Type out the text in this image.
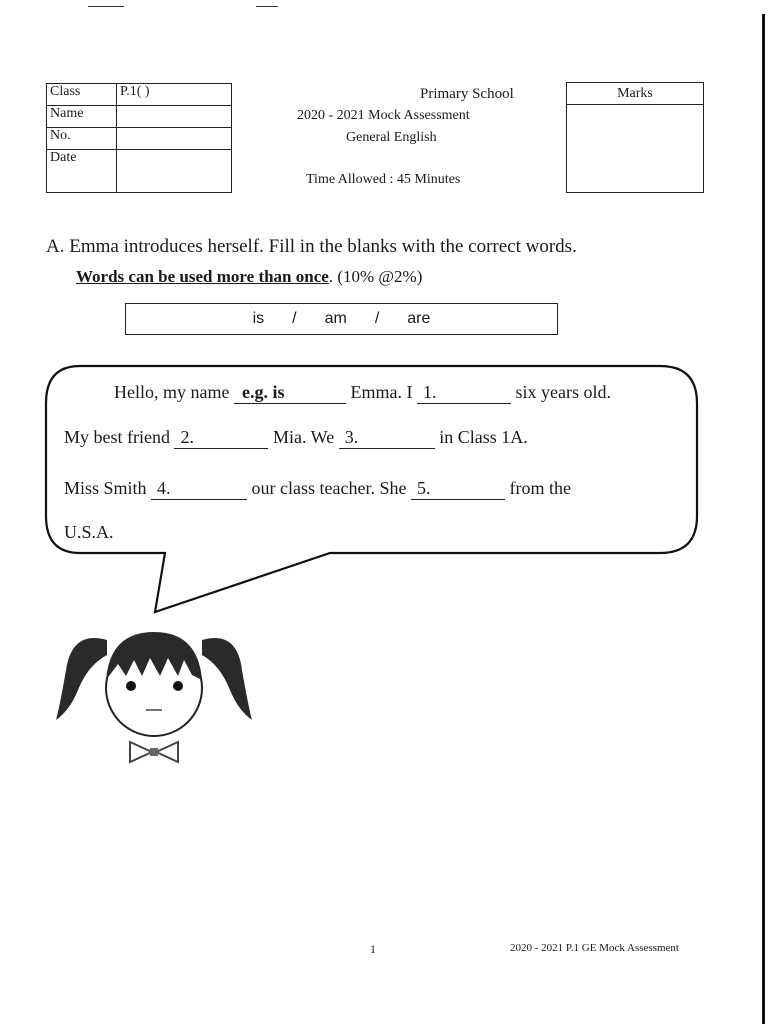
Class	P.1( )
Name	
No.	
Date	
Primary School
2020 - 2021 Mock Assessment
General English
Time Allowed : 45 Minutes
Marks
A. Emma introduces herself. Fill in the blanks with the correct words.
Words can be used more than once. (10% @2%)
is / am / are
Hello, my name e.g. is	Emma. I 1.	six years old.
My best friend 2.	Mia. We 3.	in Class 1A.
Miss Smith 4.	our class teacher. She 5.	from the
U.S.A.
1	2020 - 2021 P.1 GE Mock Assessment
